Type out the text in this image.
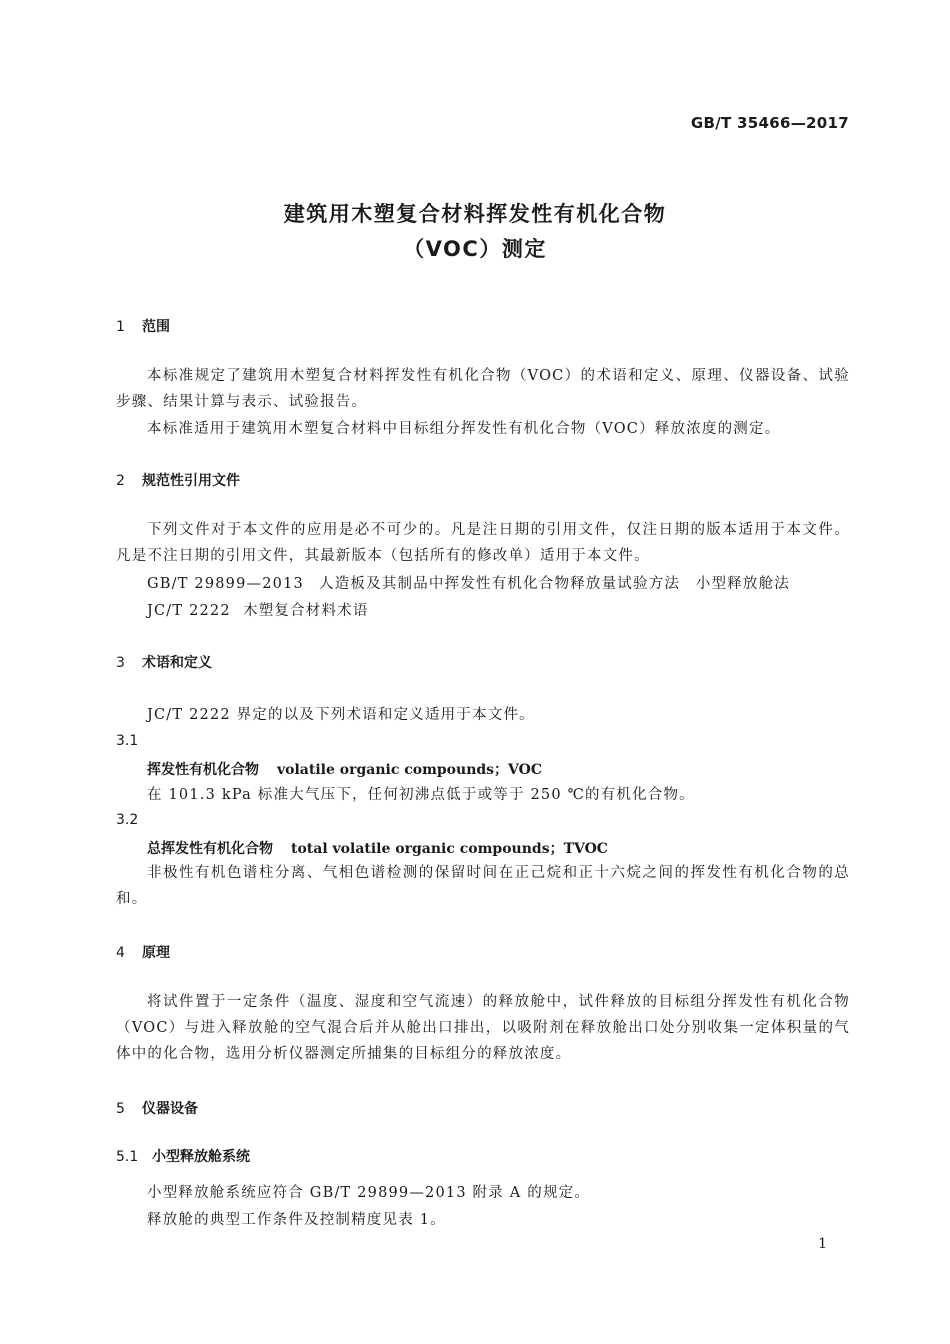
GB/T 35466—2017
建筑用木塑复合材料挥发性有机化合物
（VOC）测定
1 范围
本标准规定了建筑用木塑复合材料挥发性有机化合物（VOC）的术语和定义、原理、仪器设备、试验步骤、结果计算与表示、试验报告。
本标准适用于建筑用木塑复合材料中目标组分挥发性有机化合物（VOC）释放浓度的测定。
2 规范性引用文件
下列文件对于本文件的应用是必不可少的。凡是注日期的引用文件，仅注日期的版本适用于本文件。凡是不注日期的引用文件，其最新版本（包括所有的修改单）适用于本文件。
GB/T 29899—2013 人造板及其制品中挥发性有机化合物释放量试验方法　小型释放舱法
JC/T 2222 木塑复合材料术语
3 术语和定义
JC/T 2222 界定的以及下列术语和定义适用于本文件。
3.1
挥发性有机化合物 volatile organic compounds；VOC
在 101.3 kPa 标准大气压下，任何初沸点低于或等于 250 ℃的有机化合物。
3.2
总挥发性有机化合物 total volatile organic compounds；TVOC
非极性有机色谱柱分离、气相色谱检测的保留时间在正己烷和正十六烷之间的挥发性有机化合物的总和。
4 原理
将试件置于一定条件（温度、湿度和空气流速）的释放舱中，试件释放的目标组分挥发性有机化合物（VOC）与进入释放舱的空气混合后并从舱出口排出，以吸附剂在释放舱出口处分别收集一定体积量的气体中的化合物，选用分析仪器测定所捕集的目标组分的释放浓度。
5 仪器设备
5.1 小型释放舱系统
小型释放舱系统应符合 GB/T 29899—2013 附录 A 的规定。
释放舱的典型工作条件及控制精度见表 1。
1
